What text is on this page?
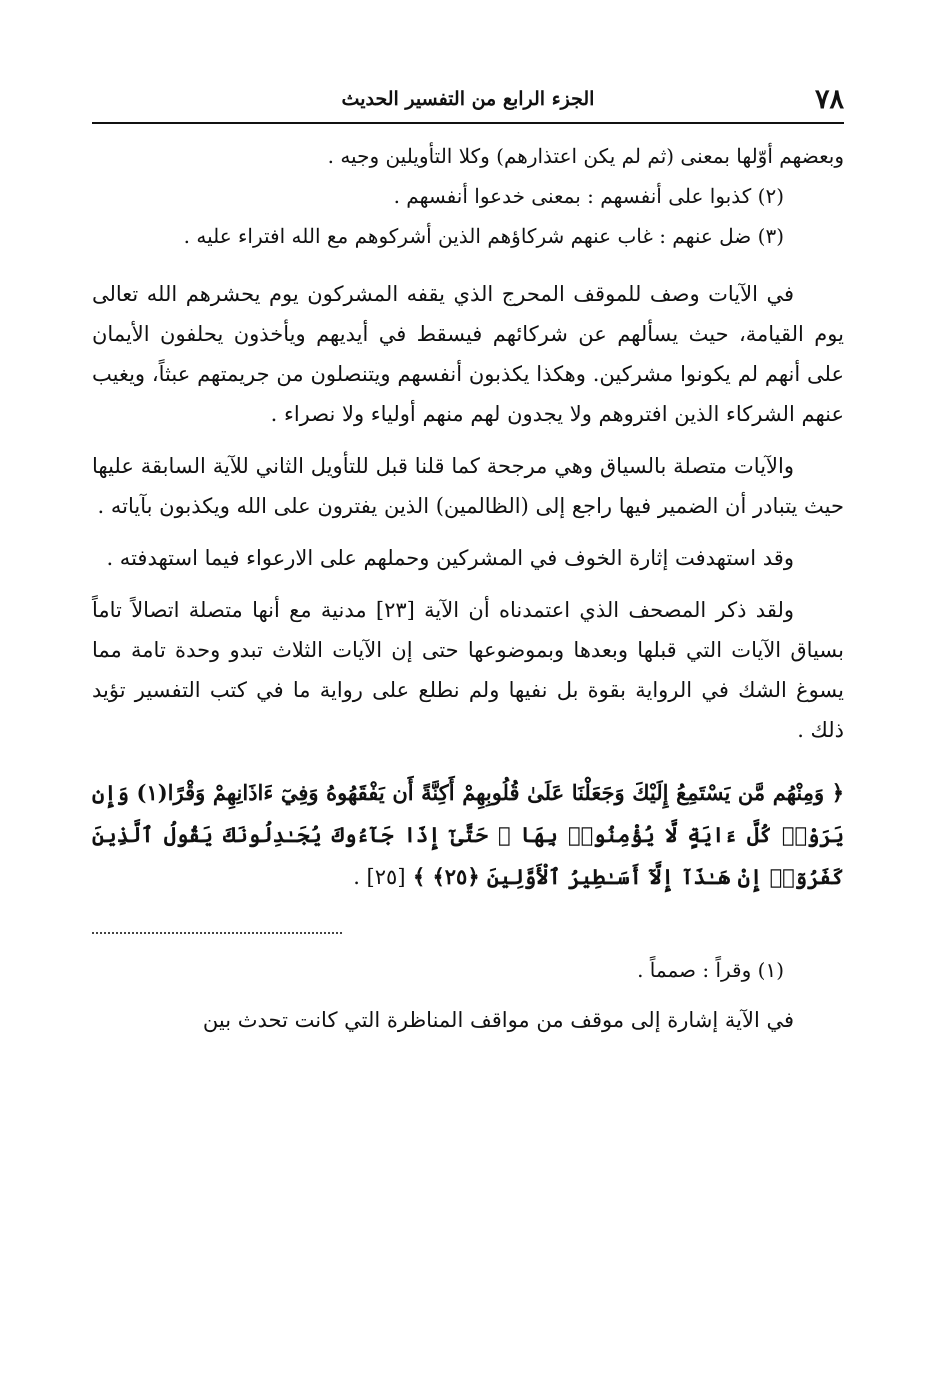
٧٨
الجزء الرابع من التفسير الحديث

وبعضهم أوّلها بمعنى (ثم لم يكن اعتذارهم) وكلا التأويلين وجيه .

(٢) كذبوا على أنفسهم : بمعنى خدعوا أنفسهم .

(٣) ضل عنهم : غاب عنهم شركاؤهم الذين أشركوهم مع الله افتراء عليه .

في الآيات وصف للموقف المحرج الذي يقفه المشركون يوم يحشرهم الله تعالى يوم القيامة، حيث يسألهم عن شركائهم فيسقط في أيديهم ويأخذون يحلفون الأيمان على أنهم لم يكونوا مشركين. وهكذا يكذبون أنفسهم ويتنصلون من جريمتهم عبثاً، ويغيب عنهم الشركاء الذين افتروهم ولا يجدون لهم منهم أولياء ولا نصراء .

والآيات متصلة بالسياق وهي مرجحة كما قلنا قبل للتأويل الثاني للآية السابقة عليها حيث يتبادر أن الضمير فيها راجع إلى (الظالمين) الذين يفترون على الله ويكذبون بآياته .

وقد استهدفت إثارة الخوف في المشركين وحملهم على الارعواء فيما استهدفته .

ولقد ذكر المصحف الذي اعتمدناه أن الآية [٢٣] مدنية مع أنها متصلة اتصالاً تاماً بسياق الآيات التي قبلها وبعدها وبموضوعها حتى إن الآيات الثلاث تبدو وحدة تامة مما يسوغ الشك في الرواية بقوة بل نفيها ولم نطلع على رواية ما في كتب التفسير تؤيد ذلك .

﴿ وَمِنْهُم مَّن يَسْتَمِعُ إِلَيْكَ وَجَعَلْنَا عَلَىٰ قُلُوبِهِمْ أَكِنَّةً أَن يَفْقَهُوهُ وَفِيٓ ءَاذَانِهِمْ وَقْرًا(١) وَإِن يَرَوْا۟ كُلَّ ءَايَةٍ لَّا يُؤْمِنُوا۟ بِهَا ۚ حَتَّىٰٓ إِذَا جَآءُوكَ يُجَـٰدِلُونَكَ يَقُولُ ٱلَّذِينَ كَفَرُوٓا۟ إِنْ هَـٰذَآ إِلَّآ أَسَـٰطِيرُ ٱلْأَوَّلِينَ ﴿٢٥﴾ ﴾ [٢٥] .

(١) وقراً : صمماً .

في الآية إشارة إلى موقف من مواقف المناظرة التي كانت تحدث بين
